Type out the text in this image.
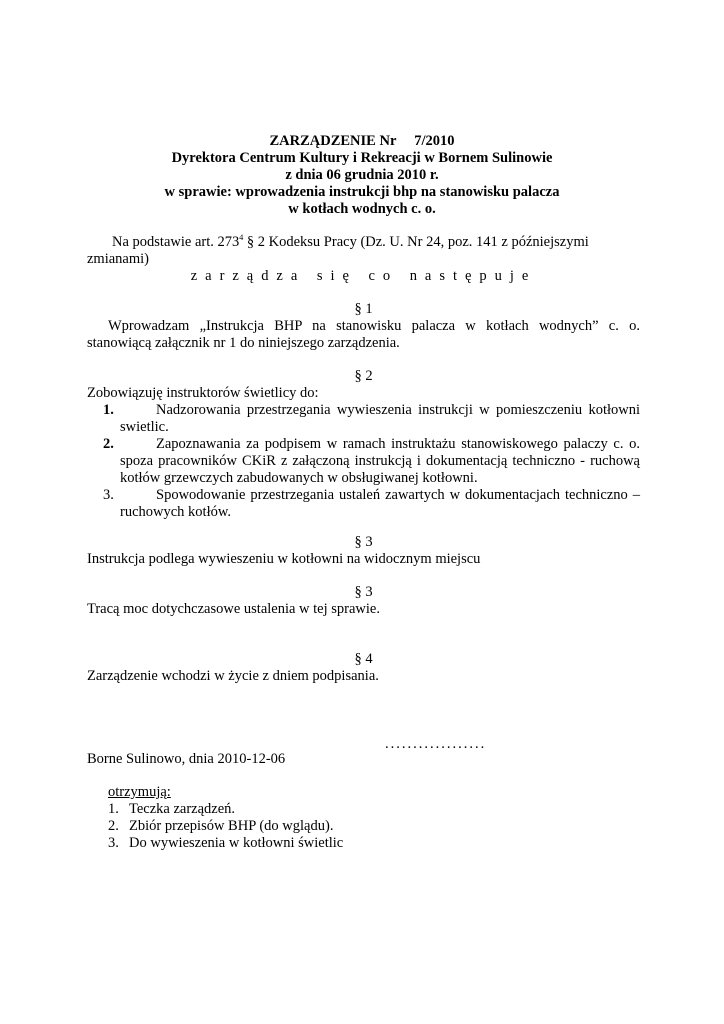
ZARZĄDZENIE Nr     7/2010
Dyrektora Centrum Kultury i Rekreacji w Bornem Sulinowie
z dnia 06 grudnia 2010 r.
w sprawie: wprowadzenia instrukcji bhp na stanowisku palacza
w kotłach wodnych c. o.
Na podstawie art. $273^4$ § 2 Kodeksu Pracy (Dz. U. Nr 24, poz. 141 z późniejszymi
zmianami)
zarządza się co następuje
§ 1
Wprowadzam „Instrukcja BHP na stanowisku palacza w kotłach wodnych” c. o. stanowiącą załącznik nr 1 do niniejszego zarządzenia.
§ 2
Zobowiązuję instruktorów świetlicy do:
1.	Nadzorowania przestrzegania wywieszenia instrukcji w pomieszczeniu kotłowni swietlic.
2.	Zapoznawania za podpisem w ramach instruktażu stanowiskowego palaczy c. o. spoza pracowników CKiR z załączoną instrukcją i dokumentacją techniczno - ruchową kotłów grzewczych zabudowanych w obsługiwanej kotłowni.
3.	Spowodowanie przestrzegania ustaleń zawartych w dokumentacjach techniczno – ruchowych kotłów.
§ 3
Instrukcja podlega wywieszeniu w kotłowni na widocznym miejscu
§ 3
Tracą moc dotychczasowe ustalenia w tej sprawie.
§ 4
Zarządzenie wchodzi w życie z dniem podpisania.
..................
Borne Sulinowo, dnia 2010-12-06
otrzymują:
1. Teczka zarządzeń.
2. Zbiór przepisów BHP (do wglądu).
3. Do wywieszenia w kotłowni świetlic
